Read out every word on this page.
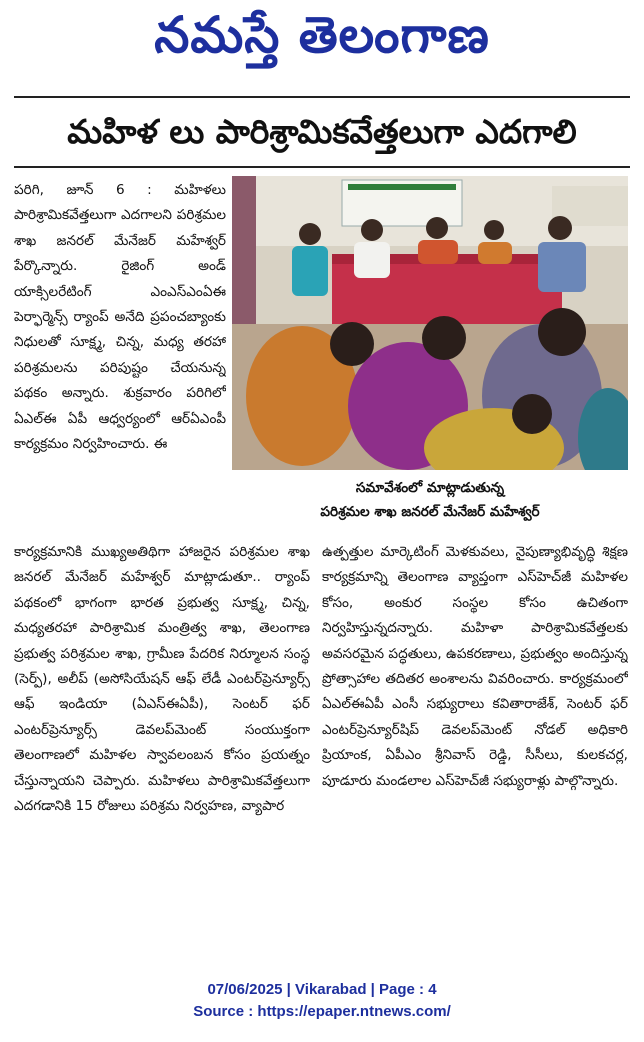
నమస్తే తెలంగాణ
మహిళ లు పారిశ్రామికవేత్తలుగా ఎదగాలి

పరిగి, జూన్ 6 : మహిళలు పారిశ్రామికవేత్తలుగా ఎదగాలని పరిశ్రమల శాఖ జనరల్ మేనేజర్ మహేశ్వర్ పేర్కొన్నారు. రైజింగ్ అండ్ యాక్సిలరేటింగ్ ఎంఎస్ఎంఏఈ పెర్ఫార్మెన్స్ ర్యాంప్ అనేది ప్రపంచబ్యాంకు నిధులతో సూక్ష్మ, చిన్న, మధ్య తరహా పరిశ్రమలను పరిపుష్టం చేయనున్న పథకం అన్నారు. శుక్రవారం పరిగిలో ఏఎల్ఈ ఏపీ ఆధ్వర్యంలో ఆర్ఏఎంపీ కార్యక్రమం నిర్వహించారు. ఈ

సమావేశంలో మాట్లాడుతున్న
పరిశ్రమల శాఖ జనరల్ మేనేజర్ మహేశ్వర్

కార్యక్రమానికి ముఖ్యఅతిథిగా హాజరైన పరిశ్రమల శాఖ జనరల్ మేనేజర్ మహేశ్వర్ మాట్లాడుతూ.. ర్యాంప్ పథకంలో భాగంగా భారత ప్రభుత్వ సూక్ష్మ, చిన్న, మధ్యతరహా పారిశ్రామిక మంత్రిత్వ శాఖ, తెలంగాణ ప్రభుత్వ పరిశ్రమల శాఖ, గ్రామీణ పేదరిక నిర్మూలన సంస్థ (సెర్ప్), అలీప్ (అసోసియేషన్ ఆఫ్ లేడీ ఎంటర్‌ప్రెన్యూర్స్ ఆఫ్ ఇండియా (ఏఎస్ఈఏపీ), సెంటర్ ఫర్ ఎంటర్‌ప్రెన్యూర్స్ డెవలప్‌మెంట్ సంయుక్తంగా తెలంగాణలో మహిళల స్వావలంబన కోసం ప్రయత్నం చేస్తున్నాయని చెప్పారు. మహిళలు పారిశ్రామికవేత్తలుగా ఎదగడానికి 15 రోజులు పరిశ్రమ నిర్వహణ, వ్యాపార

ఉత్పత్తుల మార్కెటింగ్ మెళకువలు, నైపుణ్యాభివృద్ధి శిక్షణ కార్యక్రమాన్ని తెలంగాణ వ్యాప్తంగా ఎస్‌హెచ్‌జీ మహిళల కోసం, అంకుర సంస్థల కోసం ఉచితంగా నిర్వహిస్తున్నదన్నారు. మహిళా పారిశ్రామికవేత్తలకు అవసరమైన పద్ధతులు, ఉపకరణాలు, ప్రభుత్వం అందిస్తున్న ప్రోత్సాహాల తదితర అంశాలను వివరించారు. కార్యక్రమంలో ఏఎల్ఈఏపీ ఎంసీ సభ్యురాలు కవితారాజేశ్, సెంటర్ ఫర్ ఎంటర్‌ప్రెన్యూర్‌షిప్ డెవలప్‌మెంట్ నోడల్ అధికారి ప్రియాంక, ఏపీఎం శ్రీనివాస్ రెడ్డి, సీసీలు, కులకచర్ల, పూడూరు మండలాల ఎస్‌హెచ్‌జీ సభ్యురాళ్లు పాల్గొన్నారు.

07/06/2025 | Vikarabad | Page : 4
Source : https://epaper.ntnews.com/
